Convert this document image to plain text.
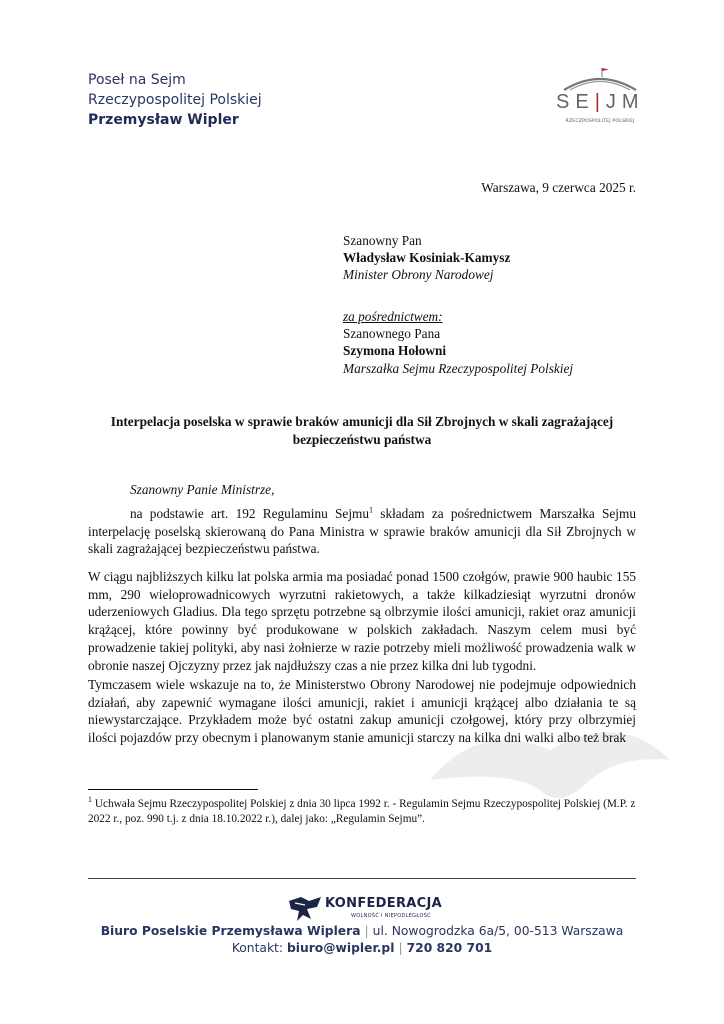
Poseł na Sejm
Rzeczypospolitej Polskiej
Przemysław Wipler
SE|JM
RZECZPOSPOLITEJ POLSKIEJ
Warszawa, 9 czerwca 2025 r.
Szanowny Pan
Władysław Kosiniak-Kamysz
Minister Obrony Narodowej
za pośrednictwem:
Szanownego Pana
Szymona Hołowni
Marszałka Sejmu Rzeczypospolitej Polskiej
Interpelacja poselska w sprawie braków amunicji dla Sił Zbrojnych w skali zagrażającej bezpieczeństwu państwa
Szanowny Panie Ministrze,
na podstawie art. 192 Regulaminu Sejmu$^1$ składam za pośrednictwem Marszałka Sejmu interpelację poselską skierowaną do Pana Ministra w sprawie braków amunicji dla Sił Zbrojnych w skali zagrażającej bezpieczeństwu państwa.
W ciągu najbliższych kilku lat polska armia ma posiadać ponad 1500 czołgów, prawie 900 haubic 155 mm, 290 wieloprowadnicowych wyrzutni rakietowych, a także kilkadziesiąt wyrzutni dronów uderzeniowych Gladius. Dla tego sprzętu potrzebne są olbrzymie ilości amunicji, rakiet oraz amunicji krążącej, które powinny być produkowane w polskich zakładach. Naszym celem musi być prowadzenie takiej polityki, aby nasi żołnierze w razie potrzeby mieli możliwość prowadzenia walk w obronie naszej Ojczyzny przez jak najdłuższy czas a nie przez kilka dni lub tygodni.
Tymczasem wiele wskazuje na to, że Ministerstwo Obrony Narodowej nie podejmuje odpowiednich działań, aby zapewnić wymagane ilości amunicji, rakiet i amunicji krążącej albo działania te są niewystarczające. Przykładem może być ostatni zakup amunicji czołgowej, który przy olbrzymiej ilości pojazdów przy obecnym i planowanym stanie amunicji starczy na kilka dni walki albo też brak
$^1$ Uchwała Sejmu Rzeczypospolitej Polskiej z dnia 30 lipca 1992 r. - Regulamin Sejmu Rzeczypospolitej Polskiej (M.P. z 2022 r., poz. 990 t.j. z dnia 18.10.2022 r.), dalej jako: „Regulamin Sejmu”.
KONFEDERACJA
WOLNOŚĆ I NIEPODLEGŁOŚĆ
Biuro Poselskie Przemysława Wiplera | ul. Nowogrodzka 6a/5, 00-513 Warszawa
Kontakt: biuro@wipler.pl | 720 820 701
